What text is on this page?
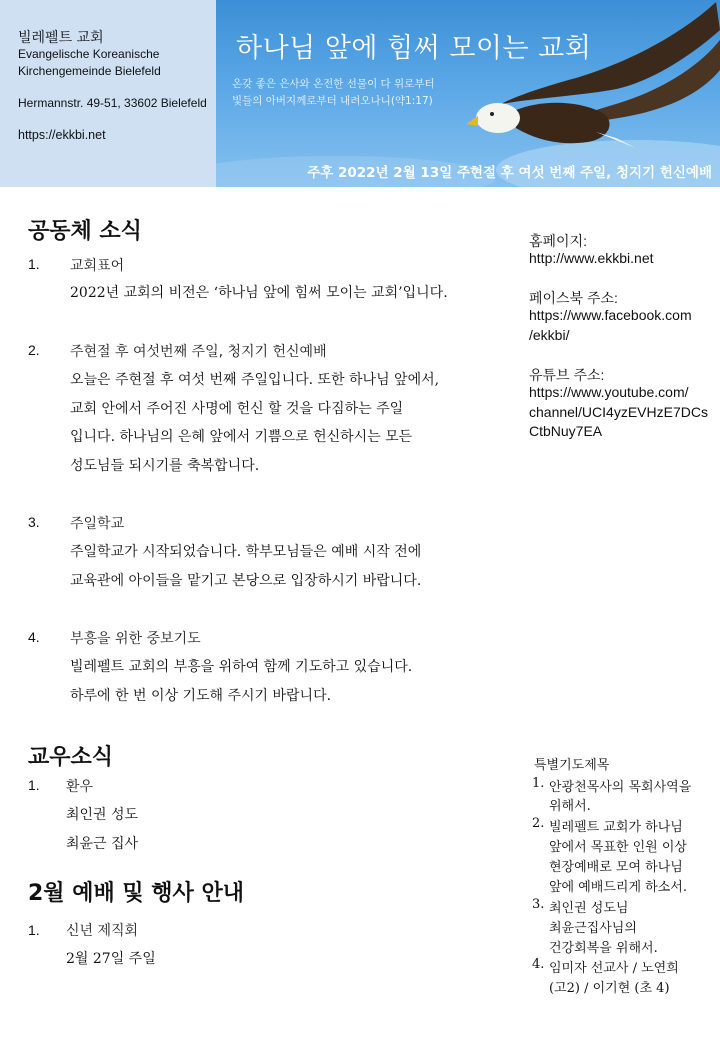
빌레펠트 교회
Evangelische Koreanische
Kirchengemeinde Bielefeld
Hermannstr. 49-51, 33602 Bielefeld
https://ekkbi.net
하나님 앞에 힘써 모이는 교회
온갖 좋은 은사와 온전한 선물이 다 위로부터
빛들의 아버지께로부터 내려오나니(약1:17)
주후 2022년 2월 13일 주현절 후 여섯 번째 주일, 청지기 헌신예배
공동체 소식
1. 교회표어
2022년 교회의 비전은 ‘하나님 앞에 힘써 모이는 교회’입니다.
2. 주현절 후 여섯번째 주일, 청지기 헌신예배
오늘은 주현절 후 여섯 번째 주일입니다. 또한 하나님 앞에서,
교회 안에서 주어진 사명에 헌신 할 것을 다짐하는 주일
입니다. 하나님의 은혜 앞에서 기쁨으로 헌신하시는 모든
성도님들 되시기를 축복합니다.
3. 주일학교
주일학교가 시작되었습니다. 학부모님들은 예배 시작 전에
교육관에 아이들을 맡기고 본당으로 입장하시기 바랍니다.
4. 부흥을 위한 중보기도
빌레펠트 교회의 부흥을 위하여 함께 기도하고 있습니다.
하루에 한 번 이상 기도해 주시기 바랍니다.
교우소식
1. 환우
최인권 성도
최윤근 집사
2월 예배 및 행사 안내
1. 신년 제직회
2월 27일 주일
홈페이지:
http://www.ekkbi.net
페이스북 주소:
https://www.facebook.com
/ekkbi/
유튜브 주소:
https://www.youtube.com/
channel/UCI4yzEVHzE7DCs
CtbNuy7EA
특별기도제목
1. 안광천목사의 목회사역을
위해서.
2. 빌레펠트 교회가 하나님
앞에서 목표한 인원 이상
현장예배로 모여 하나님
앞에 예배드리게 하소서.
3. 최인권 성도님
최윤근집사님의
건강회복을 위해서.
4. 임미자 선교사 / 노연희
(고2) / 이기현 (초 4)
